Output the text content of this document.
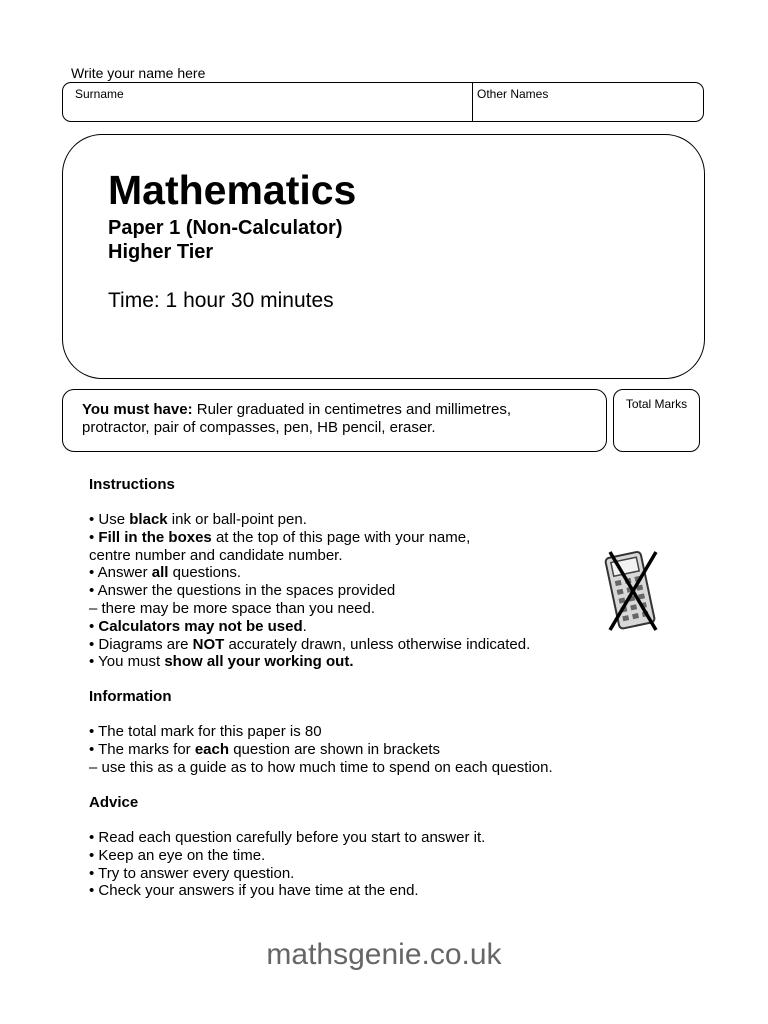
Write your name here
Surname	Other Names
Mathematics
Paper 1 (Non-Calculator)
Higher Tier
Time: 1 hour 30 minutes
You must have: Ruler graduated in centimetres and millimetres,
protractor, pair of compasses, pen, HB pencil, eraser.
Total Marks
Instructions
• Use black ink or ball-point pen.
• Fill in the boxes at the top of this page with your name,
centre number and candidate number.
• Answer all questions.
• Answer the questions in the spaces provided
– there may be more space than you need.
• Calculators may not be used.
• Diagrams are NOT accurately drawn, unless otherwise indicated.
• You must show all your working out.
Information
• The total mark for this paper is 80
• The marks for each question are shown in brackets
– use this as a guide as to how much time to spend on each question.
Advice
• Read each question carefully before you start to answer it.
• Keep an eye on the time.
• Try to answer every question.
• Check your answers if you have time at the end.
mathsgenie.co.uk
